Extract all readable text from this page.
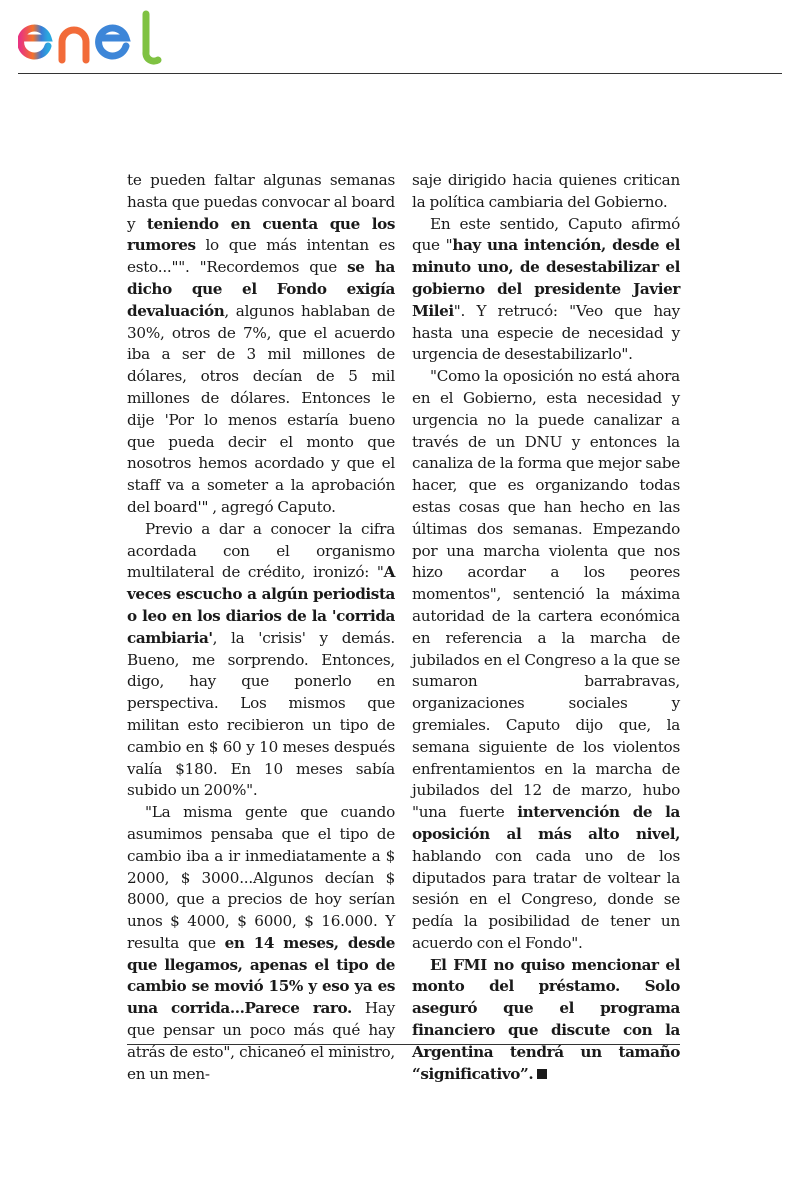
te pueden faltar algunas semanas hasta que puedas convocar al board y teniendo en cuenta que los rumores lo que más intentan es esto..."". "Recordemos que se ha dicho que el Fondo exigía devaluación, algunos hablaban de 30%, otros de 7%, que el acuerdo iba a ser de 3 mil millones de dólares, otros decían de 5 mil millones de dólares. Entonces le dije 'Por lo menos estaría bueno que pueda decir el monto que nosotros hemos acordado y que el staff va a someter a la aprobación del board'" , agregó Caputo.

Previo a dar a conocer la cifra acordada con el organismo multilateral de crédito, ironizó: "A veces escucho a algún periodista o leo en los diarios de la 'corrida cambiaria', la 'crisis' y demás. Bueno, me sorprendo. Entonces, digo, hay que ponerlo en perspectiva. Los mismos que militan esto recibieron un tipo de cambio en $ 60 y 10 meses después valía $180. En 10 meses sabía subido un 200%".

"La misma gente que cuando asumimos pensaba que el tipo de cambio iba a ir inmediatamente a $ 2000, $ 3000...Algunos decían $ 8000, que a precios de hoy serían unos $ 4000, $ 6000, $ 16.000. Y resulta que en 14 meses, desde que llegamos, apenas el tipo de cambio se movió 15% y eso ya es una corrida...Parece raro. Hay que pensar un poco más qué hay atrás de esto", chicaneó el ministro, en un men-

saje dirigido hacia quienes critican la política cambiaria del Gobierno.

En este sentido, Caputo afirmó que "hay una intención, desde el minuto uno, de desestabilizar el gobierno del presidente Javier Milei". Y retrucó: "Veo que hay hasta una especie de necesidad y urgencia de desestabilizarlo".

"Como la oposición no está ahora en el Gobierno, esta necesidad y urgencia no la puede canalizar a través de un DNU y entonces la canaliza de la forma que mejor sabe hacer, que es organizando todas estas cosas que han hecho en las últimas dos semanas. Empezando por una marcha violenta que nos hizo acordar a los peores momentos", sentenció la máxima autoridad de la cartera económica en referencia a la marcha de jubilados en el Congreso a la que se sumaron barrabravas, organizaciones sociales y gremiales. Caputo dijo que, la semana siguiente de los violentos enfrentamientos en la marcha de jubilados del 12 de marzo, hubo "una fuerte intervención de la oposición al más alto nivel, hablando con cada uno de los diputados para tratar de voltear la sesión en el Congreso, donde se pedía la posibilidad de tener un acuerdo con el Fondo".

El FMI no quiso mencionar el monto del préstamo. Solo aseguró que el programa financiero que discute con la Argentina tendrá un tamaño “significativo”.
